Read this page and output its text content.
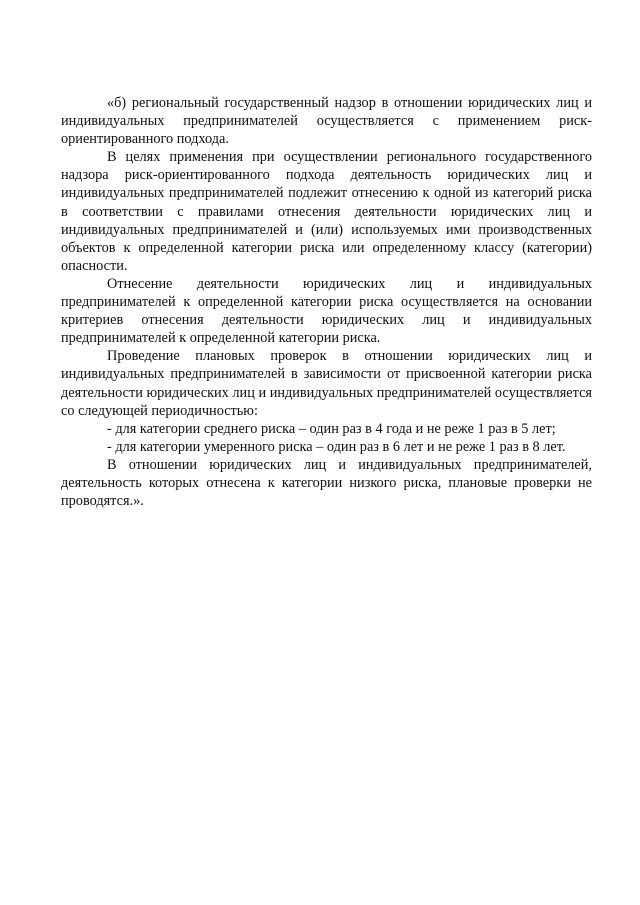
«б) региональный государственный надзор в отношении юридических лиц и индивидуальных предпринимателей осуществляется с применением риск-ориентированного подхода.

В целях применения при осуществлении регионального государственного надзора риск-ориентированного подхода деятельность юридических лиц и индивидуальных предпринимателей подлежит отнесению к одной из категорий риска в соответствии с правилами отнесения деятельности юридических лиц и индивидуальных предпринимателей и (или) используемых ими производственных объектов к определенной категории риска или определенному классу (категории) опасности.

Отнесение деятельности юридических лиц и индивидуальных предпринимателей к определенной категории риска осуществляется на основании критериев отнесения деятельности юридических лиц и индивидуальных предпринимателей к определенной категории риска.

Проведение плановых проверок в отношении юридических лиц и индивидуальных предпринимателей в зависимости от присвоенной категории риска деятельности юридических лиц и индивидуальных предпринимателей осуществляется со следующей периодичностью:

- для категории среднего риска – один раз в 4 года и не реже 1 раз в 5 лет;

- для категории умеренного риска – один раз в 6 лет и не реже 1 раз в 8 лет.

В отношении юридических лиц и индивидуальных предпринимателей, деятельность которых отнесена к категории низкого риска, плановые проверки не проводятся.».
